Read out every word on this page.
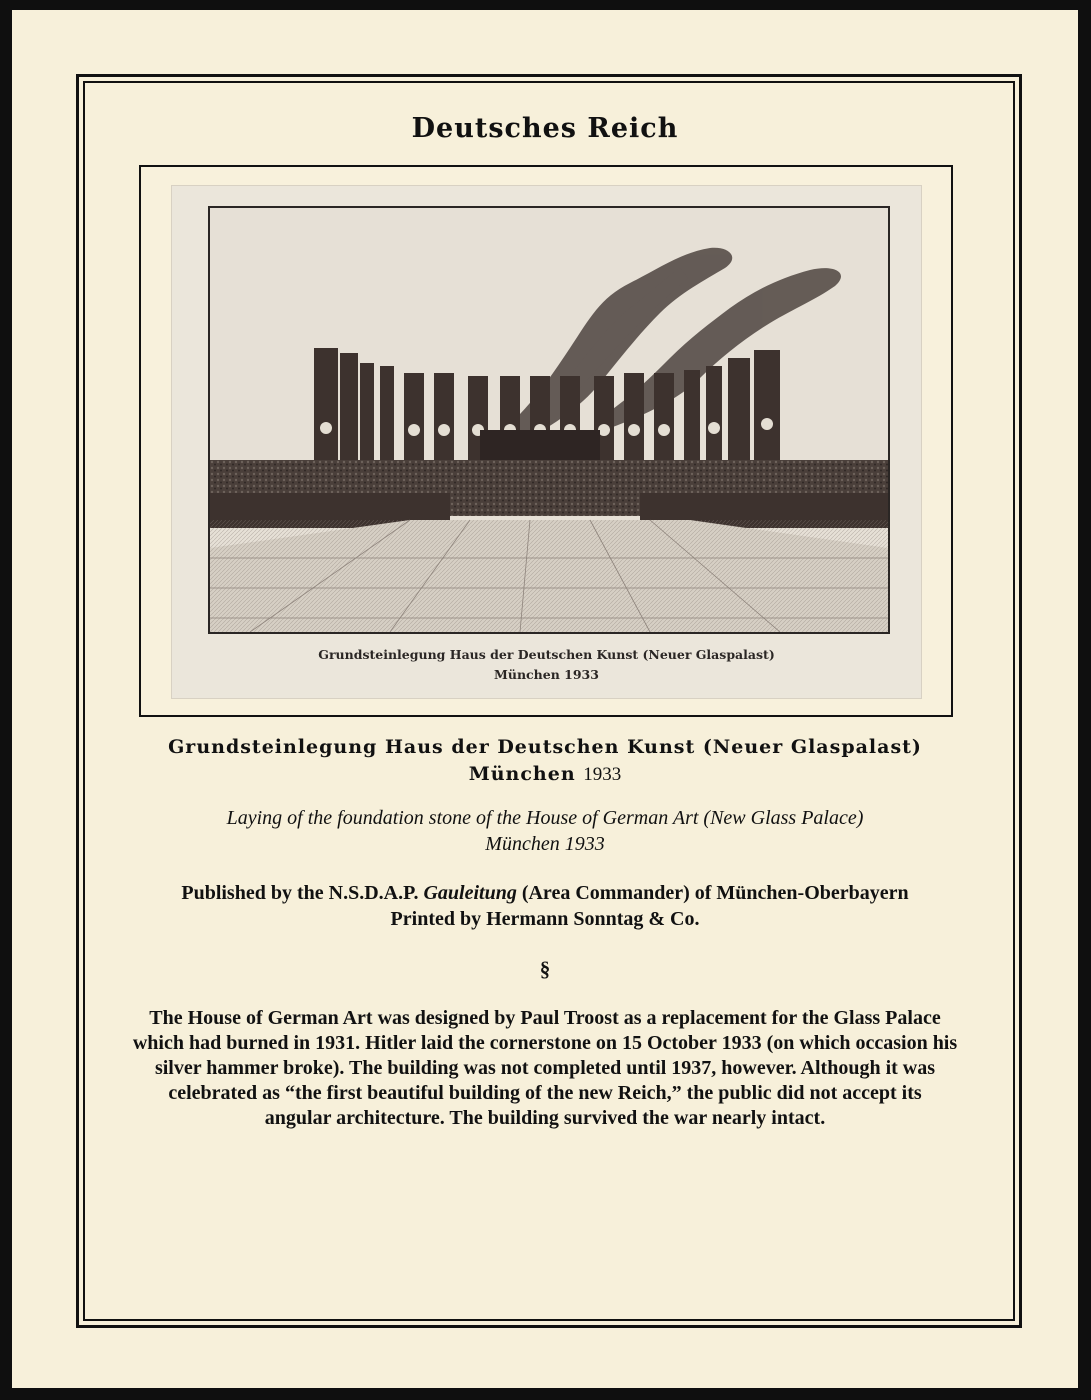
Deutsches Reich
Grundsteinlegung Haus der Deutschen Kunst (Neuer Glaspalast)
München 1933
Grundsteinlegung Haus der Deutschen Kunst (Neuer Glaspalast)
München 1933
Laying of the foundation stone of the House of German Art (New Glass Palace)
München 1933
Published by the N.S.D.A.P. Gauleitung (Area Commander) of München-Oberbayern
Printed by Hermann Sonntag & Co.
§

The House of German Art was designed by Paul Troost as a replacement for the Glass Palace

which had burned in 1931. Hitler laid the cornerstone on 15 October 1933 (on which occasion his

silver hammer broke). The building was not completed until 1937, however. Although it was

celebrated as “the first beautiful building of the new Reich,” the public did not accept its

angular architecture. The building survived the war nearly intact.
